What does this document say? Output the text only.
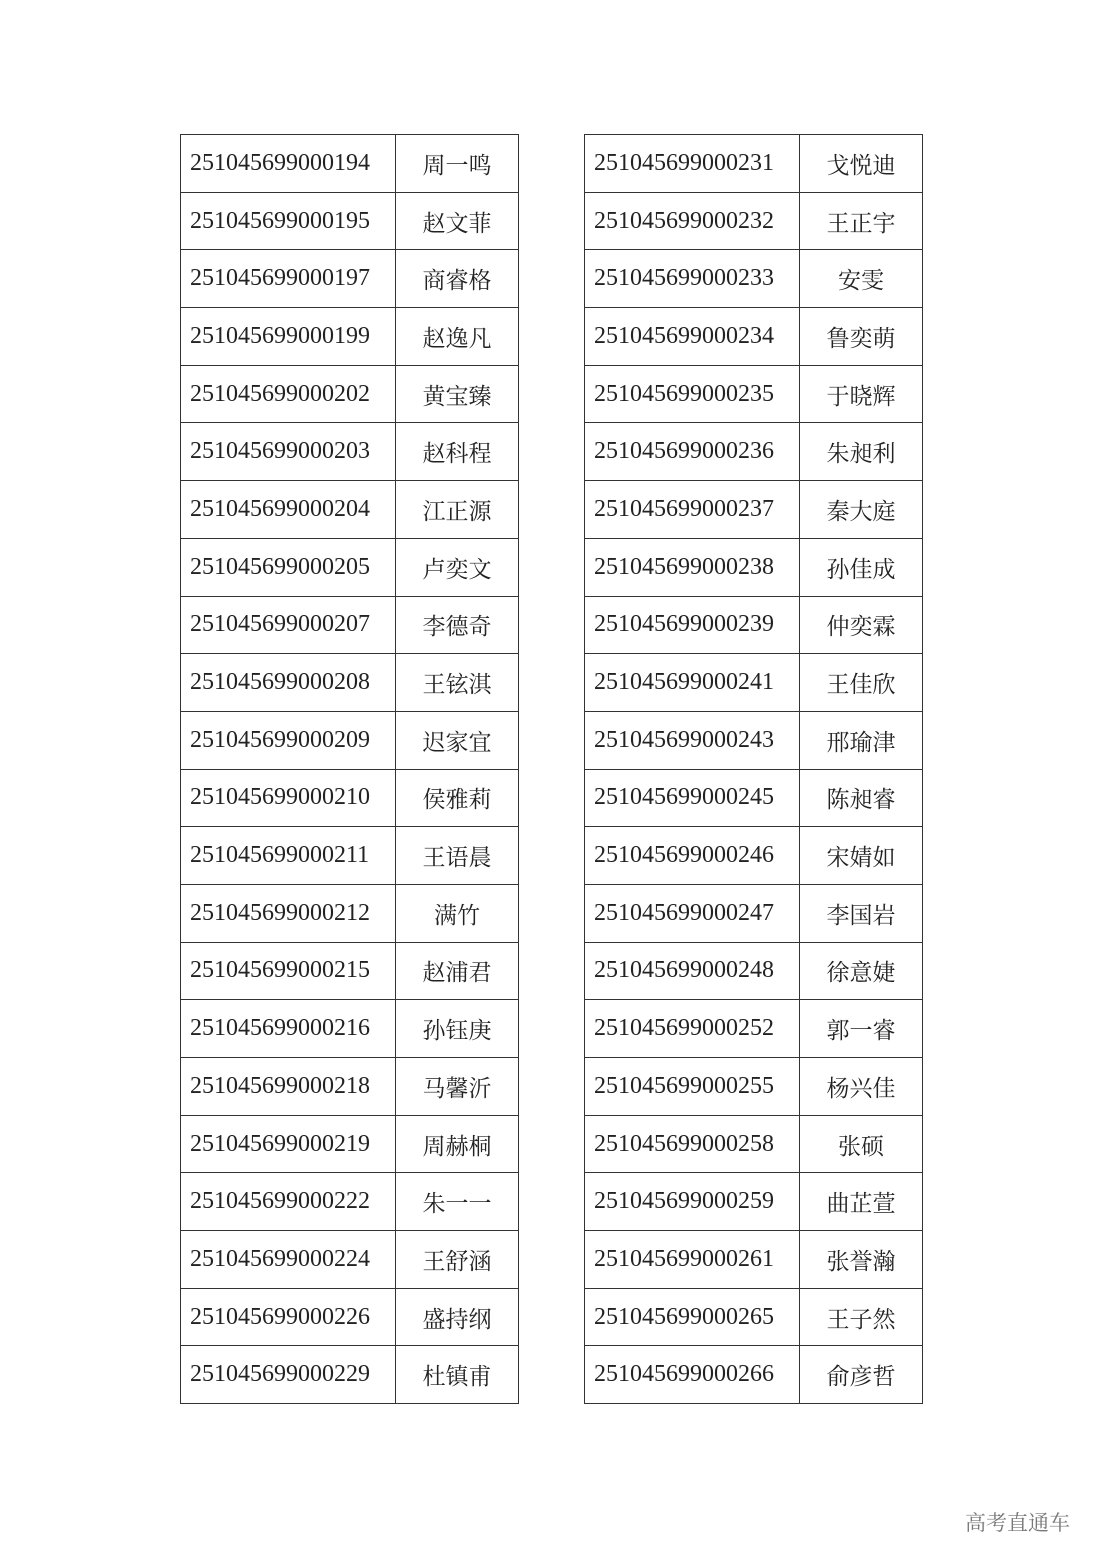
251045699000194	周一鸣
251045699000195	赵文菲
251045699000197	商睿格
251045699000199	赵逸凡
251045699000202	黄宝臻
251045699000203	赵科程
251045699000204	江正源
251045699000205	卢奕文
251045699000207	李德奇
251045699000208	王铉淇
251045699000209	迟家宜
251045699000210	侯雅莉
251045699000211	王语晨
251045699000212	满竹
251045699000215	赵浦君
251045699000216	孙钰庚
251045699000218	马馨沂
251045699000219	周赫桐
251045699000222	朱一一
251045699000224	王舒涵
251045699000226	盛持纲
251045699000229	杜镇甫
251045699000231	戈悦迪
251045699000232	王正宇
251045699000233	安雯
251045699000234	鲁奕萌
251045699000235	于晓辉
251045699000236	朱昶利
251045699000237	秦大庭
251045699000238	孙佳成
251045699000239	仲奕霖
251045699000241	王佳欣
251045699000243	邢瑜津
251045699000245	陈昶睿
251045699000246	宋婧如
251045699000247	李国岩
251045699000248	徐意婕
251045699000252	郭一睿
251045699000255	杨兴佳
251045699000258	张硕
251045699000259	曲芷萱
251045699000261	张誉瀚
251045699000265	王子然
251045699000266	俞彦哲
高考直通车
